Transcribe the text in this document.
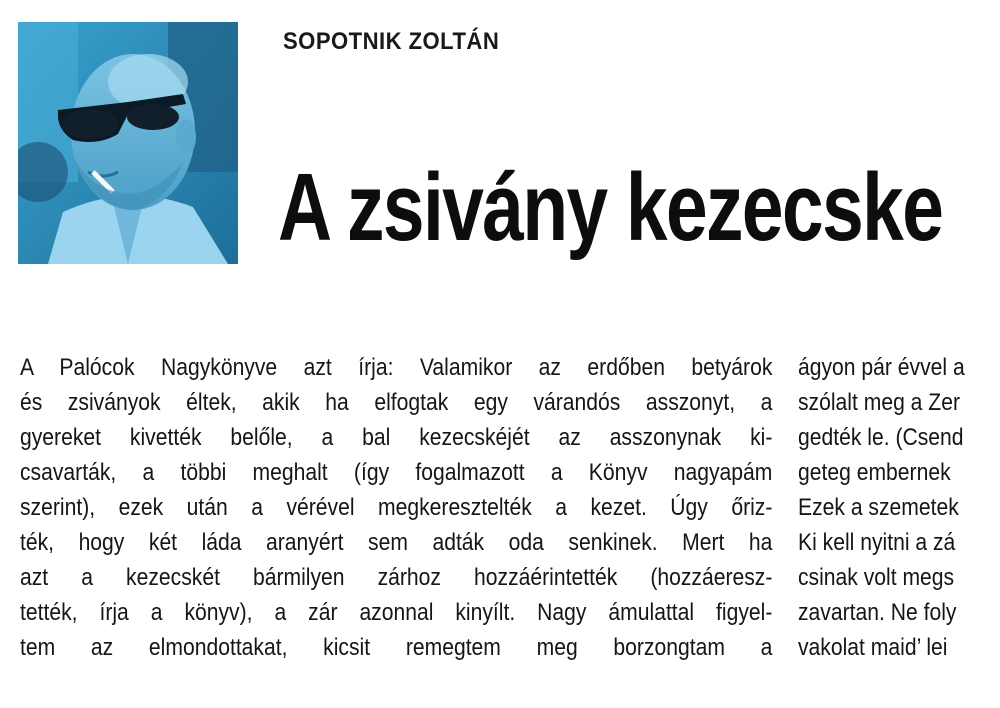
SOPOTNIK ZOLTÁN
A zsivány kezecske
A Palócok Nagykönyve azt írja: Valamikor az erdőben betyárok
és zsiványok éltek, akik ha elfogtak egy várandós asszonyt, a
gyereket kivették belőle, a bal kezecskéjét az asszonynak ki-
csavarták, a többi meghalt (így fogalmazott a Könyv nagyapám
szerint), ezek után a vérével megkeresztelték a kezet. Úgy őriz-
ték, hogy két láda aranyért sem adták oda senkinek. Mert ha
azt a kezecskét bármilyen zárhoz hozzáérintették (hozzáeresz-
tették, írja a könyv), a zár azonnal kinyílt. Nagy ámulattal figyel-
tem az elmondottakat, kicsit remegtem meg borzongtam a
ágyon pár évvel a
szólalt meg a Zer
gedték le. (Csend
geteg embernek
Ezek a szemetek
Ki kell nyitni a zá
csinak volt megs
zavartan. Ne foly
vakolat maid’ lei
